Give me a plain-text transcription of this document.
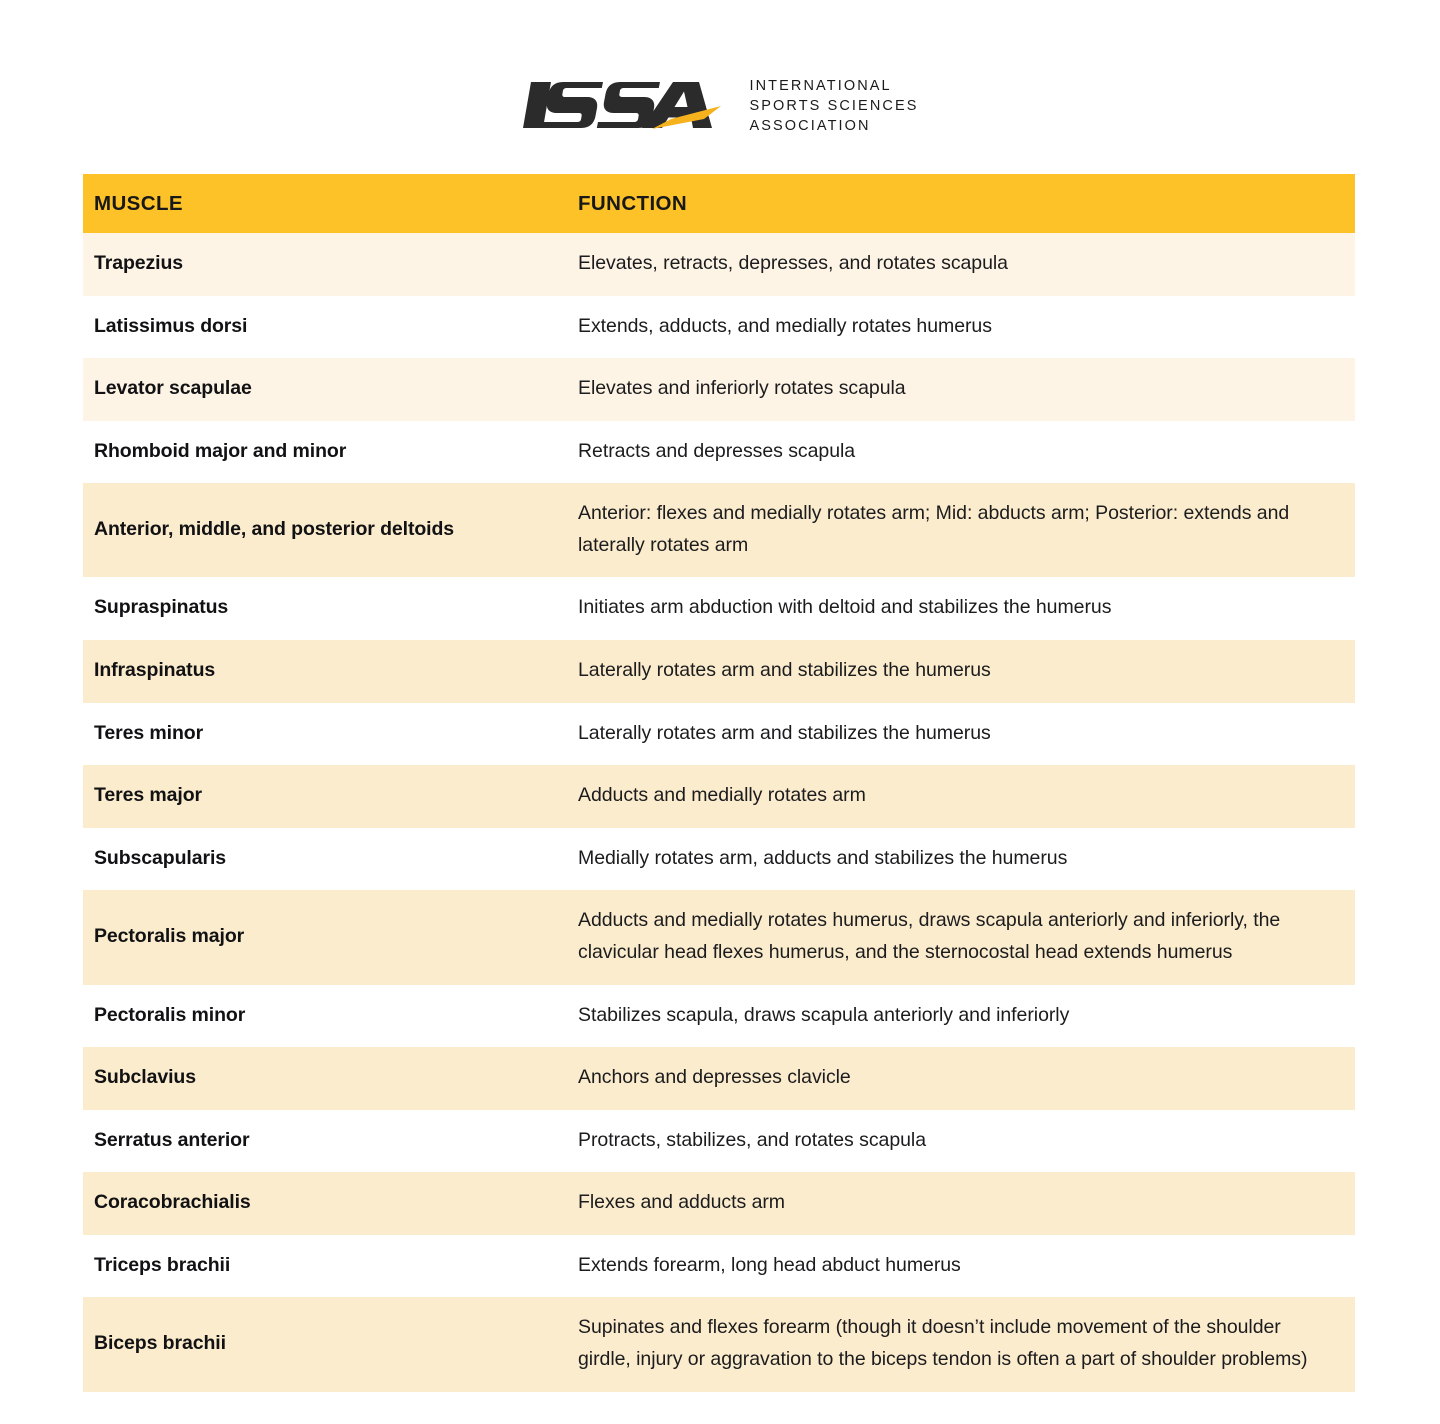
INTERNATIONAL
SPORTS SCIENCES
ASSOCIATION
MUSCLE	FUNCTION
Trapezius	Elevates, retracts, depresses, and rotates scapula
Latissimus dorsi	Extends, adducts, and medially rotates humerus
Levator scapulae	Elevates and inferiorly rotates scapula
Rhomboid major and minor	Retracts and depresses scapula
Anterior, middle, and posterior deltoids	Anterior: flexes and medially rotates arm; Mid: abducts arm; Posterior: extends and laterally rotates arm
Supraspinatus	Initiates arm abduction with deltoid and stabilizes the humerus
Infraspinatus	Laterally rotates arm and stabilizes the humerus
Teres minor	Laterally rotates arm and stabilizes the humerus
Teres major	Adducts and medially rotates arm
Subscapularis	Medially rotates arm, adducts and stabilizes the humerus
Pectoralis major	Adducts and medially rotates humerus, draws scapula anteriorly and inferiorly, the clavicular head flexes humerus, and the sternocostal head extends humerus
Pectoralis minor	Stabilizes scapula, draws scapula anteriorly and inferiorly
Subclavius	Anchors and depresses clavicle
Serratus anterior	Protracts, stabilizes, and rotates scapula
Coracobrachialis	Flexes and adducts arm
Triceps brachii	Extends forearm, long head abduct humerus
Biceps brachii	Supinates and flexes forearm (though it doesn’t include movement of the shoulder girdle, injury or aggravation to the biceps tendon is often a part of shoulder problems)
